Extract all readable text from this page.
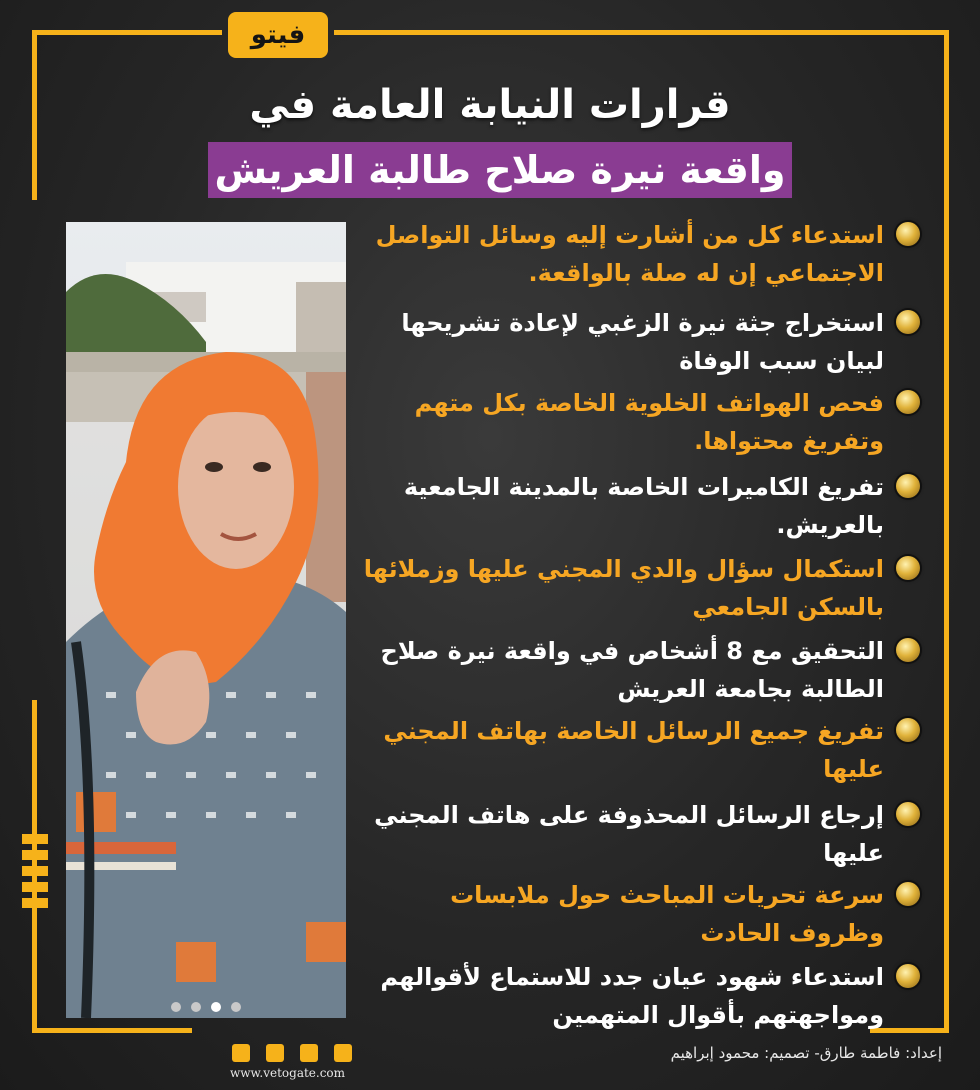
فيتو
قرارات النيابة العامة في
واقعة نيرة صلاح طالبة العريش
استدعاء كل من أشارت إليه وسائل التواصل الاجتماعي إن له صلة بالواقعة.
استخراج جثة نيرة الزغبي لإعادة تشريحها لبيان سبب الوفاة
فحص الهواتف الخلوية الخاصة بكل متهم وتفريغ محتواها.
تفريغ الكاميرات الخاصة بالمدينة الجامعية بالعريش.
استكمال سؤال والدي المجني عليها وزملائها بالسكن الجامعي
التحقيق مع 8 أشخاص في واقعة نيرة صلاح الطالبة بجامعة العريش
تفريغ جميع الرسائل الخاصة بهاتف المجني عليها
إرجاع الرسائل المحذوفة على هاتف المجني عليها
سرعة تحريات المباحث حول ملابسات وظروف الحادث
استدعاء شهود عيان جدد للاستماع لأقوالهم ومواجهتهم بأقوال المتهمين
www.vetogate.com
إعداد: فاطمة طارق- تصميم: محمود إبراهيم
